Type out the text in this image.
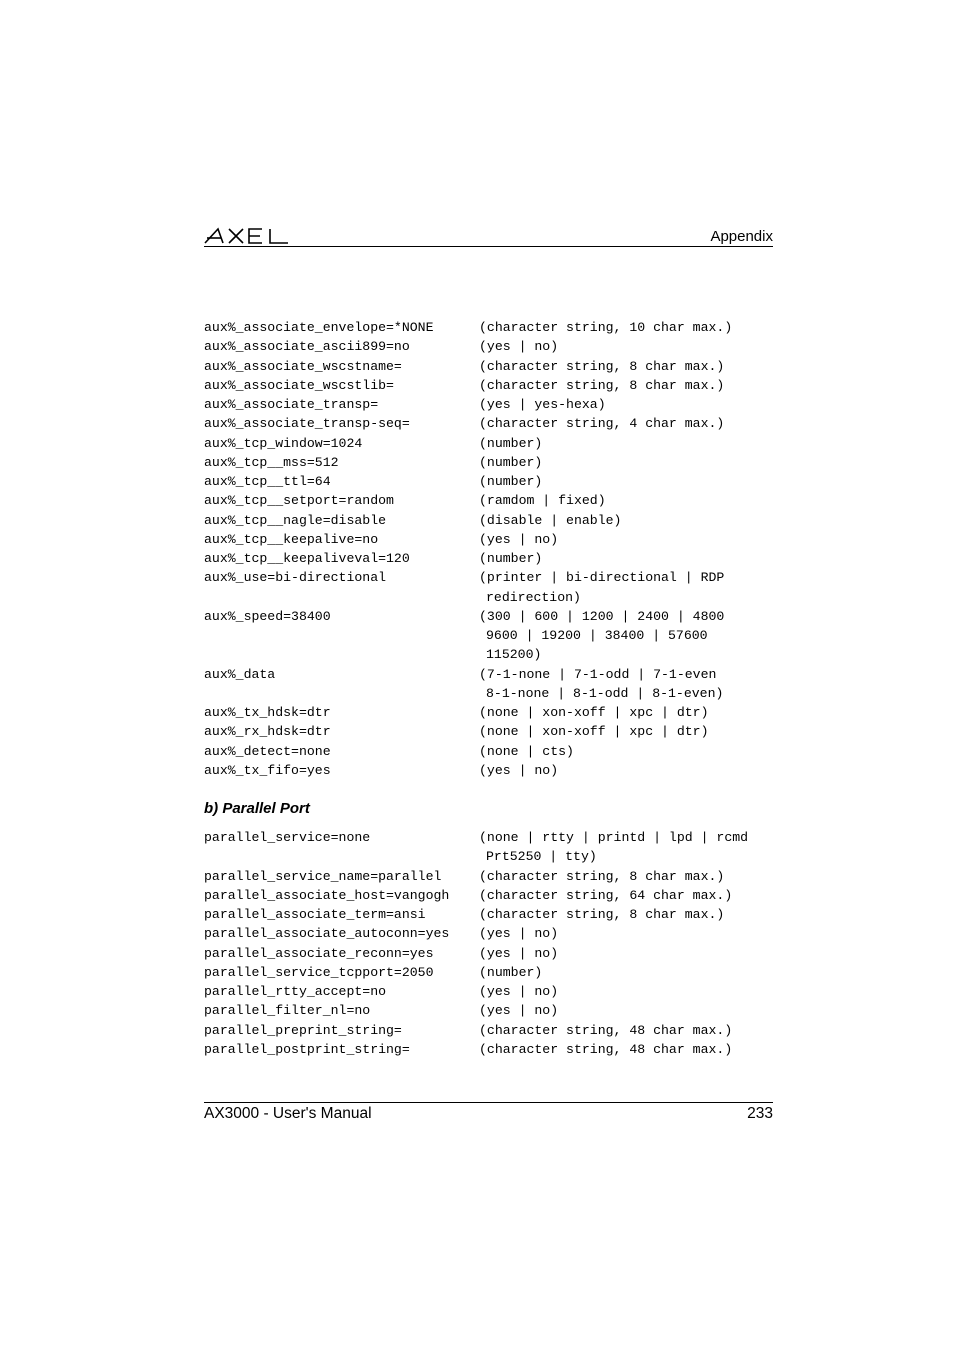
Appendix
aux%_associate_envelope=*NONE	(character string, 10 char max.)
aux%_associate_ascii899=no	(yes | no)
aux%_associate_wscstname=	(character string, 8 char max.)
aux%_associate_wscstlib=	(character string, 8 char max.)
aux%_associate_transp=	(yes | yes-hexa)
aux%_associate_transp-seq=	(character string, 4 char max.)
aux%_tcp_window=1024	(number)
aux%_tcp__mss=512	(number)
aux%_tcp__ttl=64	(number)
aux%_tcp__setport=random	(ramdom | fixed)
aux%_tcp__nagle=disable	(disable | enable)
aux%_tcp__keepalive=no	(yes | no)
aux%_tcp__keepaliveval=120	(number)
aux%_use=bi-directional	(printer | bi-directional | RDP
redirection)
aux%_speed=38400	(300 | 600 | 1200 | 2400 | 4800
9600 | 19200 | 38400 | 57600
115200)
aux%_data	(7-1-none | 7-1-odd | 7-1-even
8-1-none | 8-1-odd | 8-1-even)
aux%_tx_hdsk=dtr	(none | xon-xoff | xpc | dtr)
aux%_rx_hdsk=dtr	(none | xon-xoff | xpc | dtr)
aux%_detect=none	(none | cts)
aux%_tx_fifo=yes	(yes | no)
b) Parallel Port
parallel_service=none	(none | rtty | printd | lpd | rcmd
Prt5250 | tty)
parallel_service_name=parallel	(character string, 8 char max.)
parallel_associate_host=vangogh (character string, 64 char max.)
parallel_associate_term=ansi	(character string, 8 char max.)
parallel_associate_autoconn=yes (yes | no)
parallel_associate_reconn=yes	(yes | no)
parallel_service_tcpport=2050	(number)
parallel_rtty_accept=no	(yes | no)
parallel_filter_nl=no	(yes | no)
parallel_preprint_string=	(character string, 48 char max.)
parallel_postprint_string=	(character string, 48 char max.)
AX3000 - User's Manual	233
